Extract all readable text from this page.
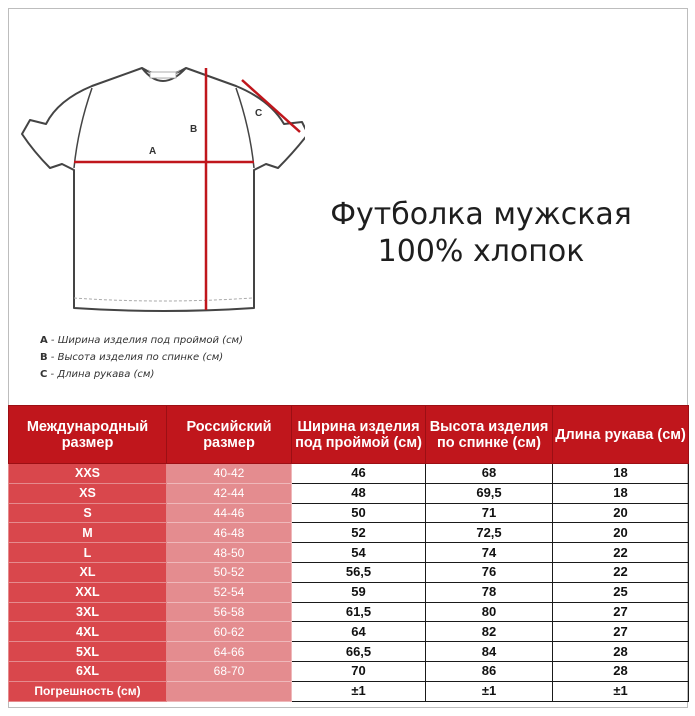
A
B
C
A - Ширина изделия под проймой (см)
B - Высота изделия по спинке (см)
C - Длина рукава (см)
Футболка мужская
100% хлопок
Международный размер	Российский размер	Ширина изделия под проймой (см)	Высота изделия по спинке (см)	Длина рукава (см)
XXS	40-42	46	68	18
XS	42-44	48	69,5	18
S	44-46	50	71	20
M	46-48	52	72,5	20
L	48-50	54	74	22
XL	50-52	56,5	76	22
XXL	52-54	59	78	25
3XL	56-58	61,5	80	27
4XL	60-62	64	82	27
5XL	64-66	66,5	84	28
6XL	68-70	70	86	28
Погрешность (см)		±1	±1	±1
